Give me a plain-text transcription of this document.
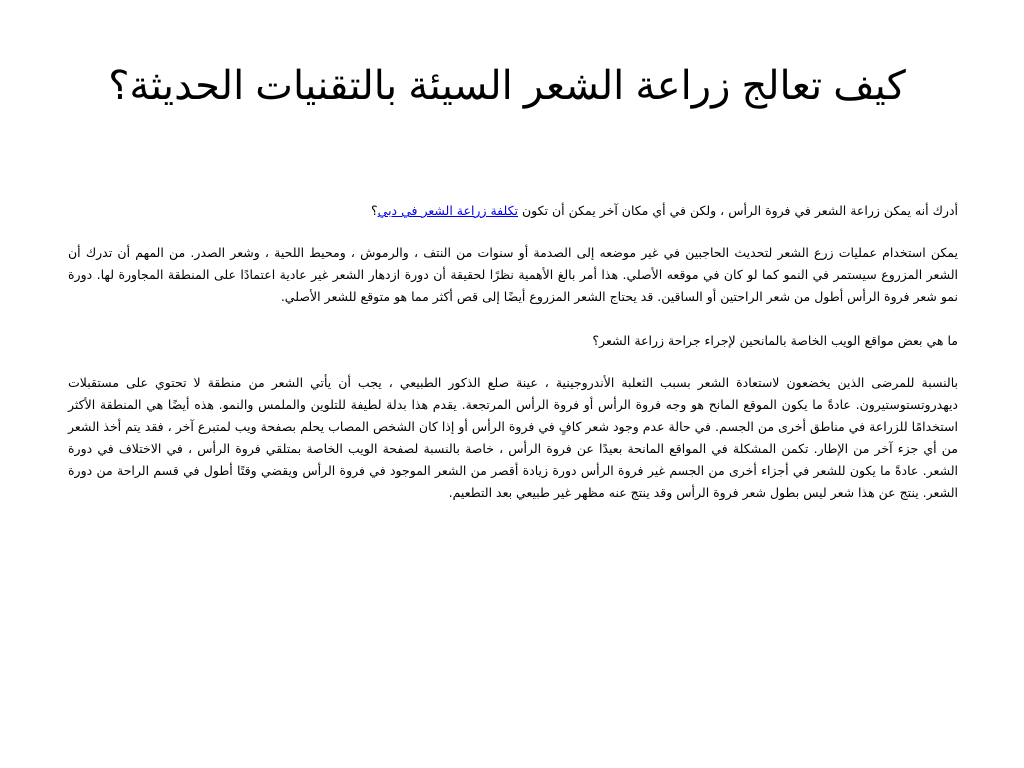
كيف تعالج زراعة الشعر السيئة بالتقنيات الحديثة؟

أدرك أنه يمكن زراعة الشعر في فروة الرأس ، ولكن في أي مكان آخر يمكن أن تكون تكلفة زراعة الشعر في دبي؟

يمكن استخدام عمليات زرع الشعر لتحديث الحاجبين في غير موضعه إلى الصدمة أو سنوات من النتف ، والرموش ، ومحيط اللحية ، وشعر الصدر. من المهم أن تدرك أن الشعر المزروع سيستمر في النمو كما لو كان في موقعه الأصلي. هذا أمر بالغ الأهمية نظرًا لحقيقة أن دورة ازدهار الشعر غير عادية اعتمادًا على المنطقة المجاورة لها. دورة نمو شعر فروة الرأس أطول من شعر الراحتين أو الساقين. قد يحتاج الشعر المزروع أيضًا إلى قص أكثر مما هو متوقع للشعر الأصلي.

ما هي بعض مواقع الويب الخاصة بالمانحين لإجراء جراحة زراعة الشعر؟

بالنسبة للمرضى الذين يخضعون لاستعادة الشعر بسبب الثعلبة الأندروجينية ، عينة صلع الذكور الطبيعي ، يجب أن يأتي الشعر من منطقة لا تحتوي على مستقبلات ديهدروتستوستيرون. عادةً ما يكون الموقع المانح هو وجه فروة الرأس أو فروة الرأس المرتجعة. يقدم هذا بدلة لطيفة للتلوين والملمس والنمو. هذه أيضًا هي المنطقة الأكثر استخدامًا للزراعة في مناطق أخرى من الجسم. في حالة عدم وجود شعر كافٍ في فروة الرأس أو إذا كان الشخص المصاب يحلم بصفحة ويب لمتبرع آخر ، فقد يتم أخذ الشعر من أي جزء آخر من الإطار. تكمن المشكلة في المواقع المانحة بعيدًا عن فروة الرأس ، خاصة بالنسبة لصفحة الويب الخاصة بمتلقي فروة الرأس ، في الاختلاف في دورة الشعر. عادةً ما يكون للشعر في أجزاء أخرى من الجسم غير فروة الرأس دورة زيادة أقصر من الشعر الموجود في فروة الرأس ويقضي وقتًا أطول في قسم الراحة من دورة الشعر. ينتج عن هذا شعر ليس بطول شعر فروة الرأس وقد ينتج عنه مظهر غير طبيعي بعد التطعيم.
